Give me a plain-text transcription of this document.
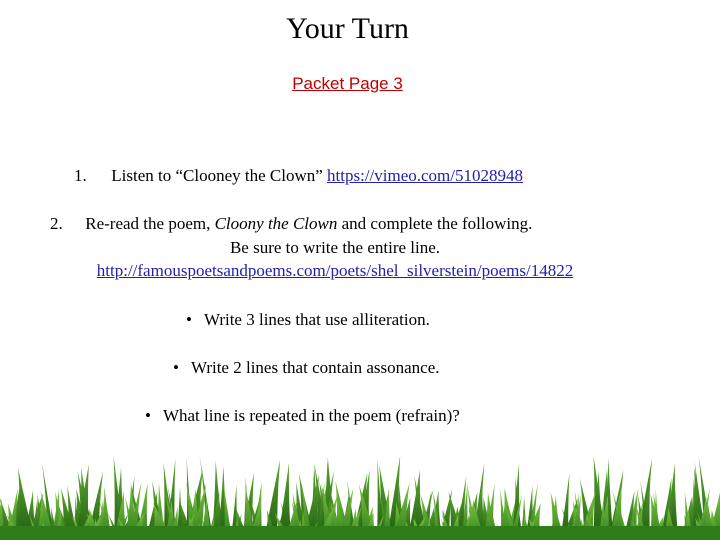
Your Turn
Packet Page 3
1. Listen to “Clooney the Clown” https://vimeo.com/51028948
2. Re-read the poem, Cloony the Clown and complete the following.
Be sure to write the entire line.
http://famouspoetsandpoems.com/poets/shel_silverstein/poems/14822
• Write 3 lines that use alliteration.
• Write 2 lines that contain assonance.
• What line is repeated in the poem (refrain)?
